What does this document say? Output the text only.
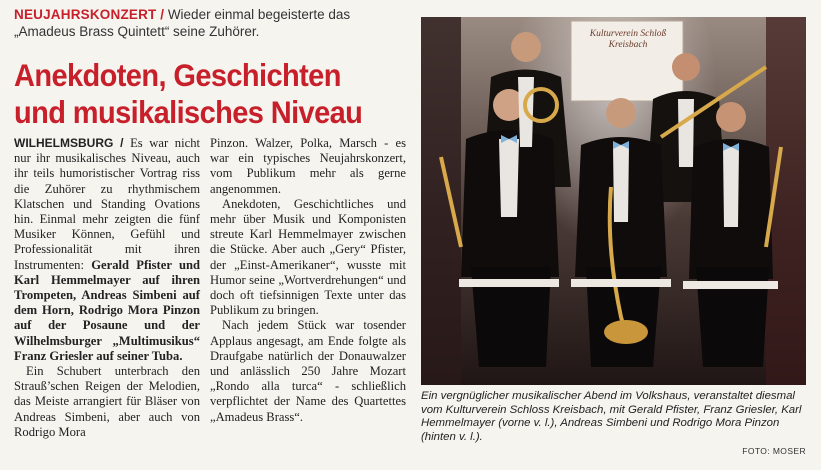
NEUJAHRSKONZERT / Wieder einmal begeisterte das „Amadeus Brass Quintett“ seine Zuhörer.
Anekdoten, Geschichten
und musikalisches Niveau

WILHELMSBURG / Es war nicht nur ihr musikalisches Niveau, auch ihr teils humoristischer Vortrag riss die Zuhörer zu rhythmischem Klatschen und Standing Ovations hin. Einmal mehr zeigten die fünf Musiker Können, Gefühl und Professionalität mit ihren Instrumenten: Gerald Pfister und Karl Hemmelmayer auf ihren Trompeten, Andreas Simbeni auf dem Horn, Rodrigo Mora Pinzon auf der Posaune und der Wilhelmsburger „Multimusikus“ Franz Griesler auf seiner Tuba.

Ein Schubert unterbrach den Strauß’schen Reigen der Melodien, das Meiste arrangiert für Bläser von Andreas Simbeni, aber auch von Rodrigo Mora

Pinzon. Walzer, Polka, Marsch - es war ein typisches Neujahrskonzert, vom Publikum mehr als gerne angenommen.

Anekdoten, Geschichtliches und mehr über Musik und Komponisten streute Karl Hemmelmayer zwischen die Stücke. Aber auch „Gery“ Pfister, der „Einst-Amerikaner“, wusste mit Humor seine „Wortverdrehungen“ und doch oft tiefsinnigen Texte unter das Publikum zu bringen.

Nach jedem Stück war tosender Applaus angesagt, am Ende folgte als Draufgabe natürlich der Donauwalzer und anlässlich 250 Jahre Mozart „Rondo alla turca“ - schließlich verpflichtet der Name des Quartettes „Amadeus Brass“.

Kulturverein Schloß Kreisbach
Ein vergnüglicher musikalischer Abend im Volkshaus, veranstaltet diesmal vom Kulturverein Schloss Kreisbach, mit Gerald Pfister, Franz Griesler, Karl Hemmelmayer (vorne v. l.), Andreas Simbeni und Rodrigo Mora Pinzon (hinten v. l.).
FOTO: MOSER
